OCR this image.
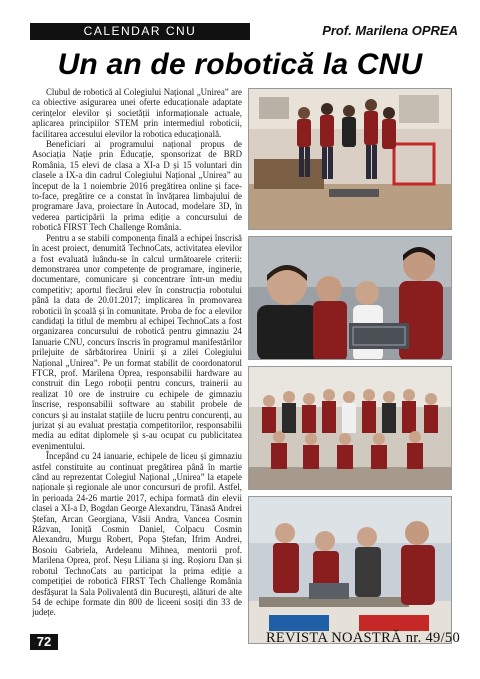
CALENDAR CNU	Prof. Marilena OPREA
Un an de robotică la CNU

Clubul de robotică al Colegiului Național „Unirea” are ca obiective asigurarea unei oferte educaționale adaptate cerințelor elevilor și societății informaționale actuale, aplicarea principiilor STEM prin intermediul roboticii, facilitarea accesului elevilor la robotica educațională.

Beneficiari ai programului național propus de Asociația Nație prin Educație, sponsorizat de BRD România, 15 elevi de clasa a XI-a D și 15 voluntari din clasele a IX-a din cadrul Colegiului Național „Unirea” au început de la 1 noiembrie 2016 pregătirea online și face-to-face, pregătire ce a constat în învățarea limbajului de programare Java, proiectare în Autocad, modelare 3D, în vederea participării la prima ediție a concursului de robotică FIRST Tech Challenge România.

Pentru a se stabili componența finală a echipei înscrisă în acest proiect, denumită TechnoCats, activitatea elevilor a fost evaluată luându-se în calcul următoarele criterii: demonstrarea unor competențe de programare, inginerie, documentare, comunicare și concentrare într-un mediu competitiv; aportul fiecărui elev în construcția robotului până la data de 20.01.2017; implicarea în promovarea roboticii în școală și în comunitate. Proba de foc a elevilor candidați la titlul de membru al echipei TechnoCats a fost organizarea concursului de robotică pentru gimnaziu 24 Ianuarie CNU, concurs înscris în programul manifestărilor prilejuite de sărbătorirea Unirii și a zilei Colegiului Național „Unirea”. Pe un format stabilit de coordonatorul FTCR, prof. Marilena Oprea, responsabilii hardware au construit din Lego roboții pentru concurs, trainerii au realizat 10 ore de instruire cu echipele de gimnaziu înscrise, responsabilii software au stabilit probele de concurs și au instalat stațiile de lucru pentru concurenți, au jurizat și au evaluat prestația competitorilor, responsabilii media au editat diplomele și s-au ocupat cu publicitatea evenimentului.

Începând cu 24 ianuarie, echipele de liceu și gimnaziu astfel constituite au continuat pregătirea până în martie când au reprezentat Colegiul Național „Unirea” la etapele naționale și regionale ale unor concursuri de profil. Astfel, în perioada 24-26 martie 2017, echipa formată din elevii clasei a XI-a D, Bogdan George Alexandru, Tănasă Andrei Ștefan, Arcan Georgiana, Văsii Andra, Vancea Cosmin Răzvan, Ioniță Cosmin Daniel, Colpacu Cosmin Alexandru, Murgu Robert, Popa Ștefan, Ifrim Andrei, Bosoiu Gabriela, Ardeleanu Mihnea, mentorii prof. Marilena Oprea, prof. Neșu Liliana și ing. Roșioru Dan și robotul TechnoCats au participat la prima ediție a competiției de robotică FIRST Tech Challenge România desfășurat la Sala Polivalentă din București, alături de alte 54 de echipe formate din 800 de liceeni sosiți din 33 de județe.

72	REVISTA NOASTRĂ nr. 49/50
